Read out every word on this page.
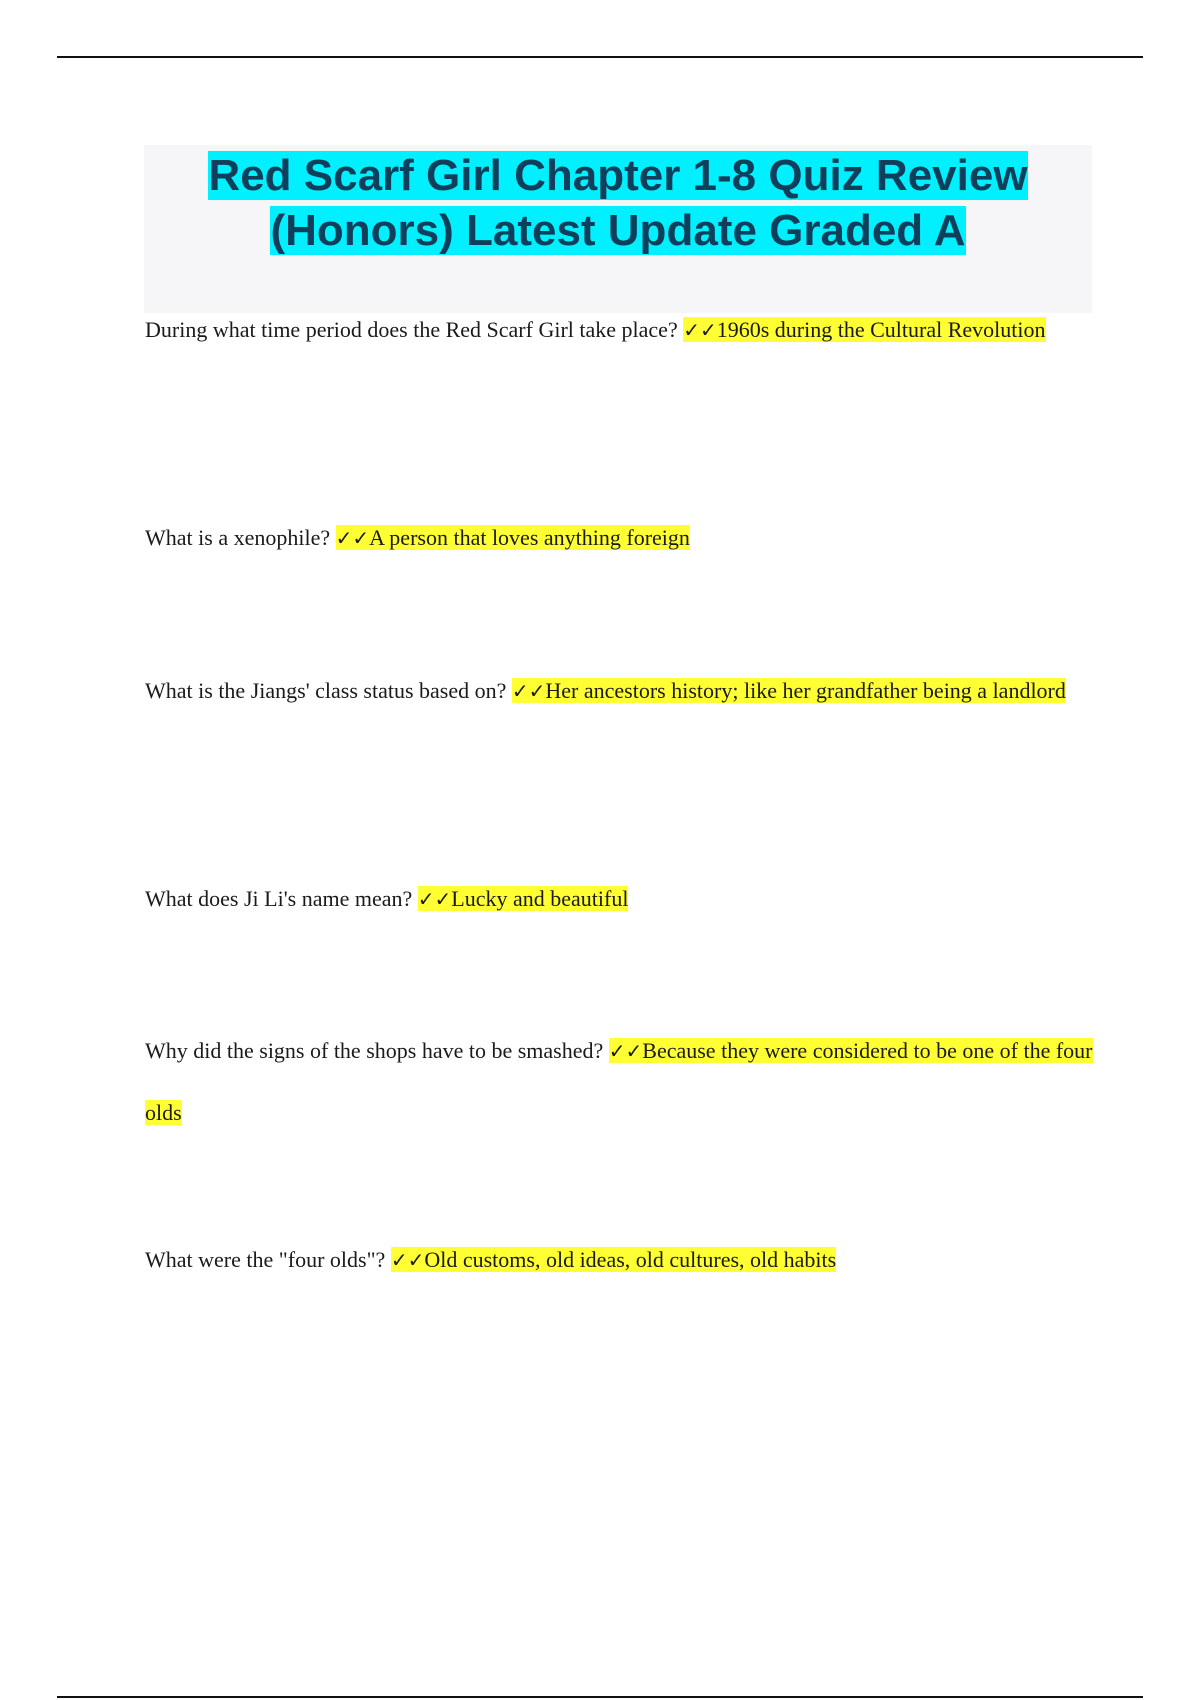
Red Scarf Girl Chapter 1-8 Quiz Review
(Honors) Latest Update Graded A

During what time period does the Red Scarf Girl take place? ✓✓1960s during the Cultural Revolution

What is a xenophile? ✓✓A person that loves anything foreign

What is the Jiangs' class status based on? ✓✓Her ancestors history; like her grandfather being a landlord

What does Ji Li's name mean? ✓✓Lucky and beautiful

Why did the signs of the shops have to be smashed? ✓✓Because they were considered to be one of the four olds

What were the "four olds"? ✓✓Old customs, old ideas, old cultures, old habits
